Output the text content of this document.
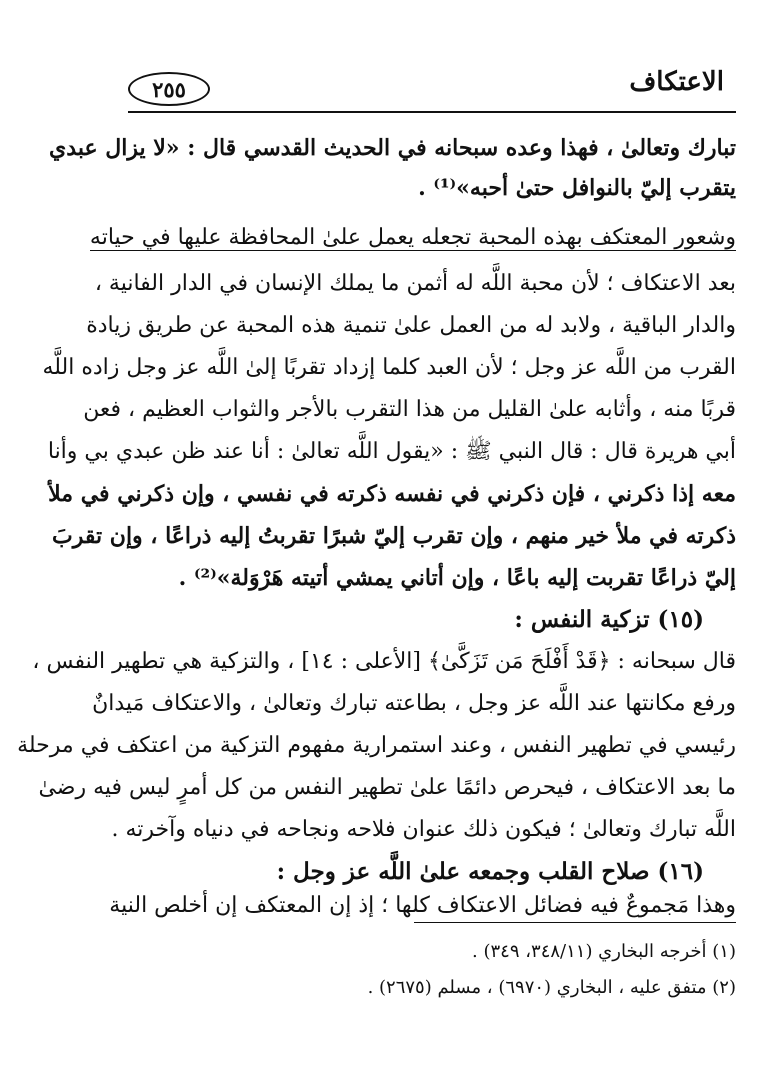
الاعتكاف
٢٥٥
تبارك وتعالىٰ ، فهذا وعده سبحانه في الحديث القدسي قال : «لا يزال عبدي
يتقرب إليّ بالنوافل حتىٰ أحبه»⁽¹⁾ .
وشعور المعتكف بهذه المحبة تجعله يعمل علىٰ المحافظة عليها في حياته
بعد الاعتكاف ؛ لأن محبة اللَّه له أثمن ما يملك الإنسان في الدار الفانية ،
والدار الباقية ، ولابد له من العمل علىٰ تنمية هذه المحبة عن طريق زيادة
القرب من اللَّه عز وجل ؛ لأن العبد كلما إزداد تقربًا إلىٰ اللَّه عز وجل زاده اللَّه
قربًا منه ، وأثابه علىٰ القليل من هذا التقرب بالأجر والثواب العظيم ، فعن
أبي هريرة قال : قال النبي ﷺ : «يقول اللَّه تعالىٰ : أنا عند ظن عبدي بي وأنا
معه إذا ذكرني ، فإن ذكرني في نفسه ذكرته في نفسي ، وإن ذكرني في ملأ
ذكرته في ملأ خير منهم ، وإن تقرب إليّ شبرًا تقربتُ إليه ذراعًا ، وإن تقربَ
إليّ ذراعًا تقربت إليه باعًا ، وإن أتاني يمشي أتيته هَرْوَلة»⁽²⁾ .
(١٥) تزكية النفس :
قال سبحانه : ﴿قَدْ أَفْلَحَ مَن تَزَكَّىٰ﴾ [الأعلى : ١٤] ، والتزكية هي تطهير النفس ،
ورفع مكانتها عند اللَّه عز وجل ، بطاعته تبارك وتعالىٰ ، والاعتكاف مَيدانٌ
رئيسي في تطهير النفس ، وعند استمرارية مفهوم التزكية من اعتكف في مرحلة
ما بعد الاعتكاف ، فيحرص دائمًا علىٰ تطهير النفس من كل أمرٍ ليس فيه رضىٰ
اللَّه تبارك وتعالىٰ ؛ فيكون ذلك عنوان فلاحه ونجاحه في دنياه وآخرته .
(١٦) صلاح القلب وجمعه علىٰ اللَّه عز وجل :
وهذا مَجموعٌ فيه فضائل الاعتكاف كلها ؛ إذ إن المعتكف إن أخلص النية
(١) أخرجه البخاري (٣٤٨/١١، ٣٤٩) .
(٢) متفق عليه ، البخاري (٦٩٧٠) ، مسلم (٢٦٧٥) .
